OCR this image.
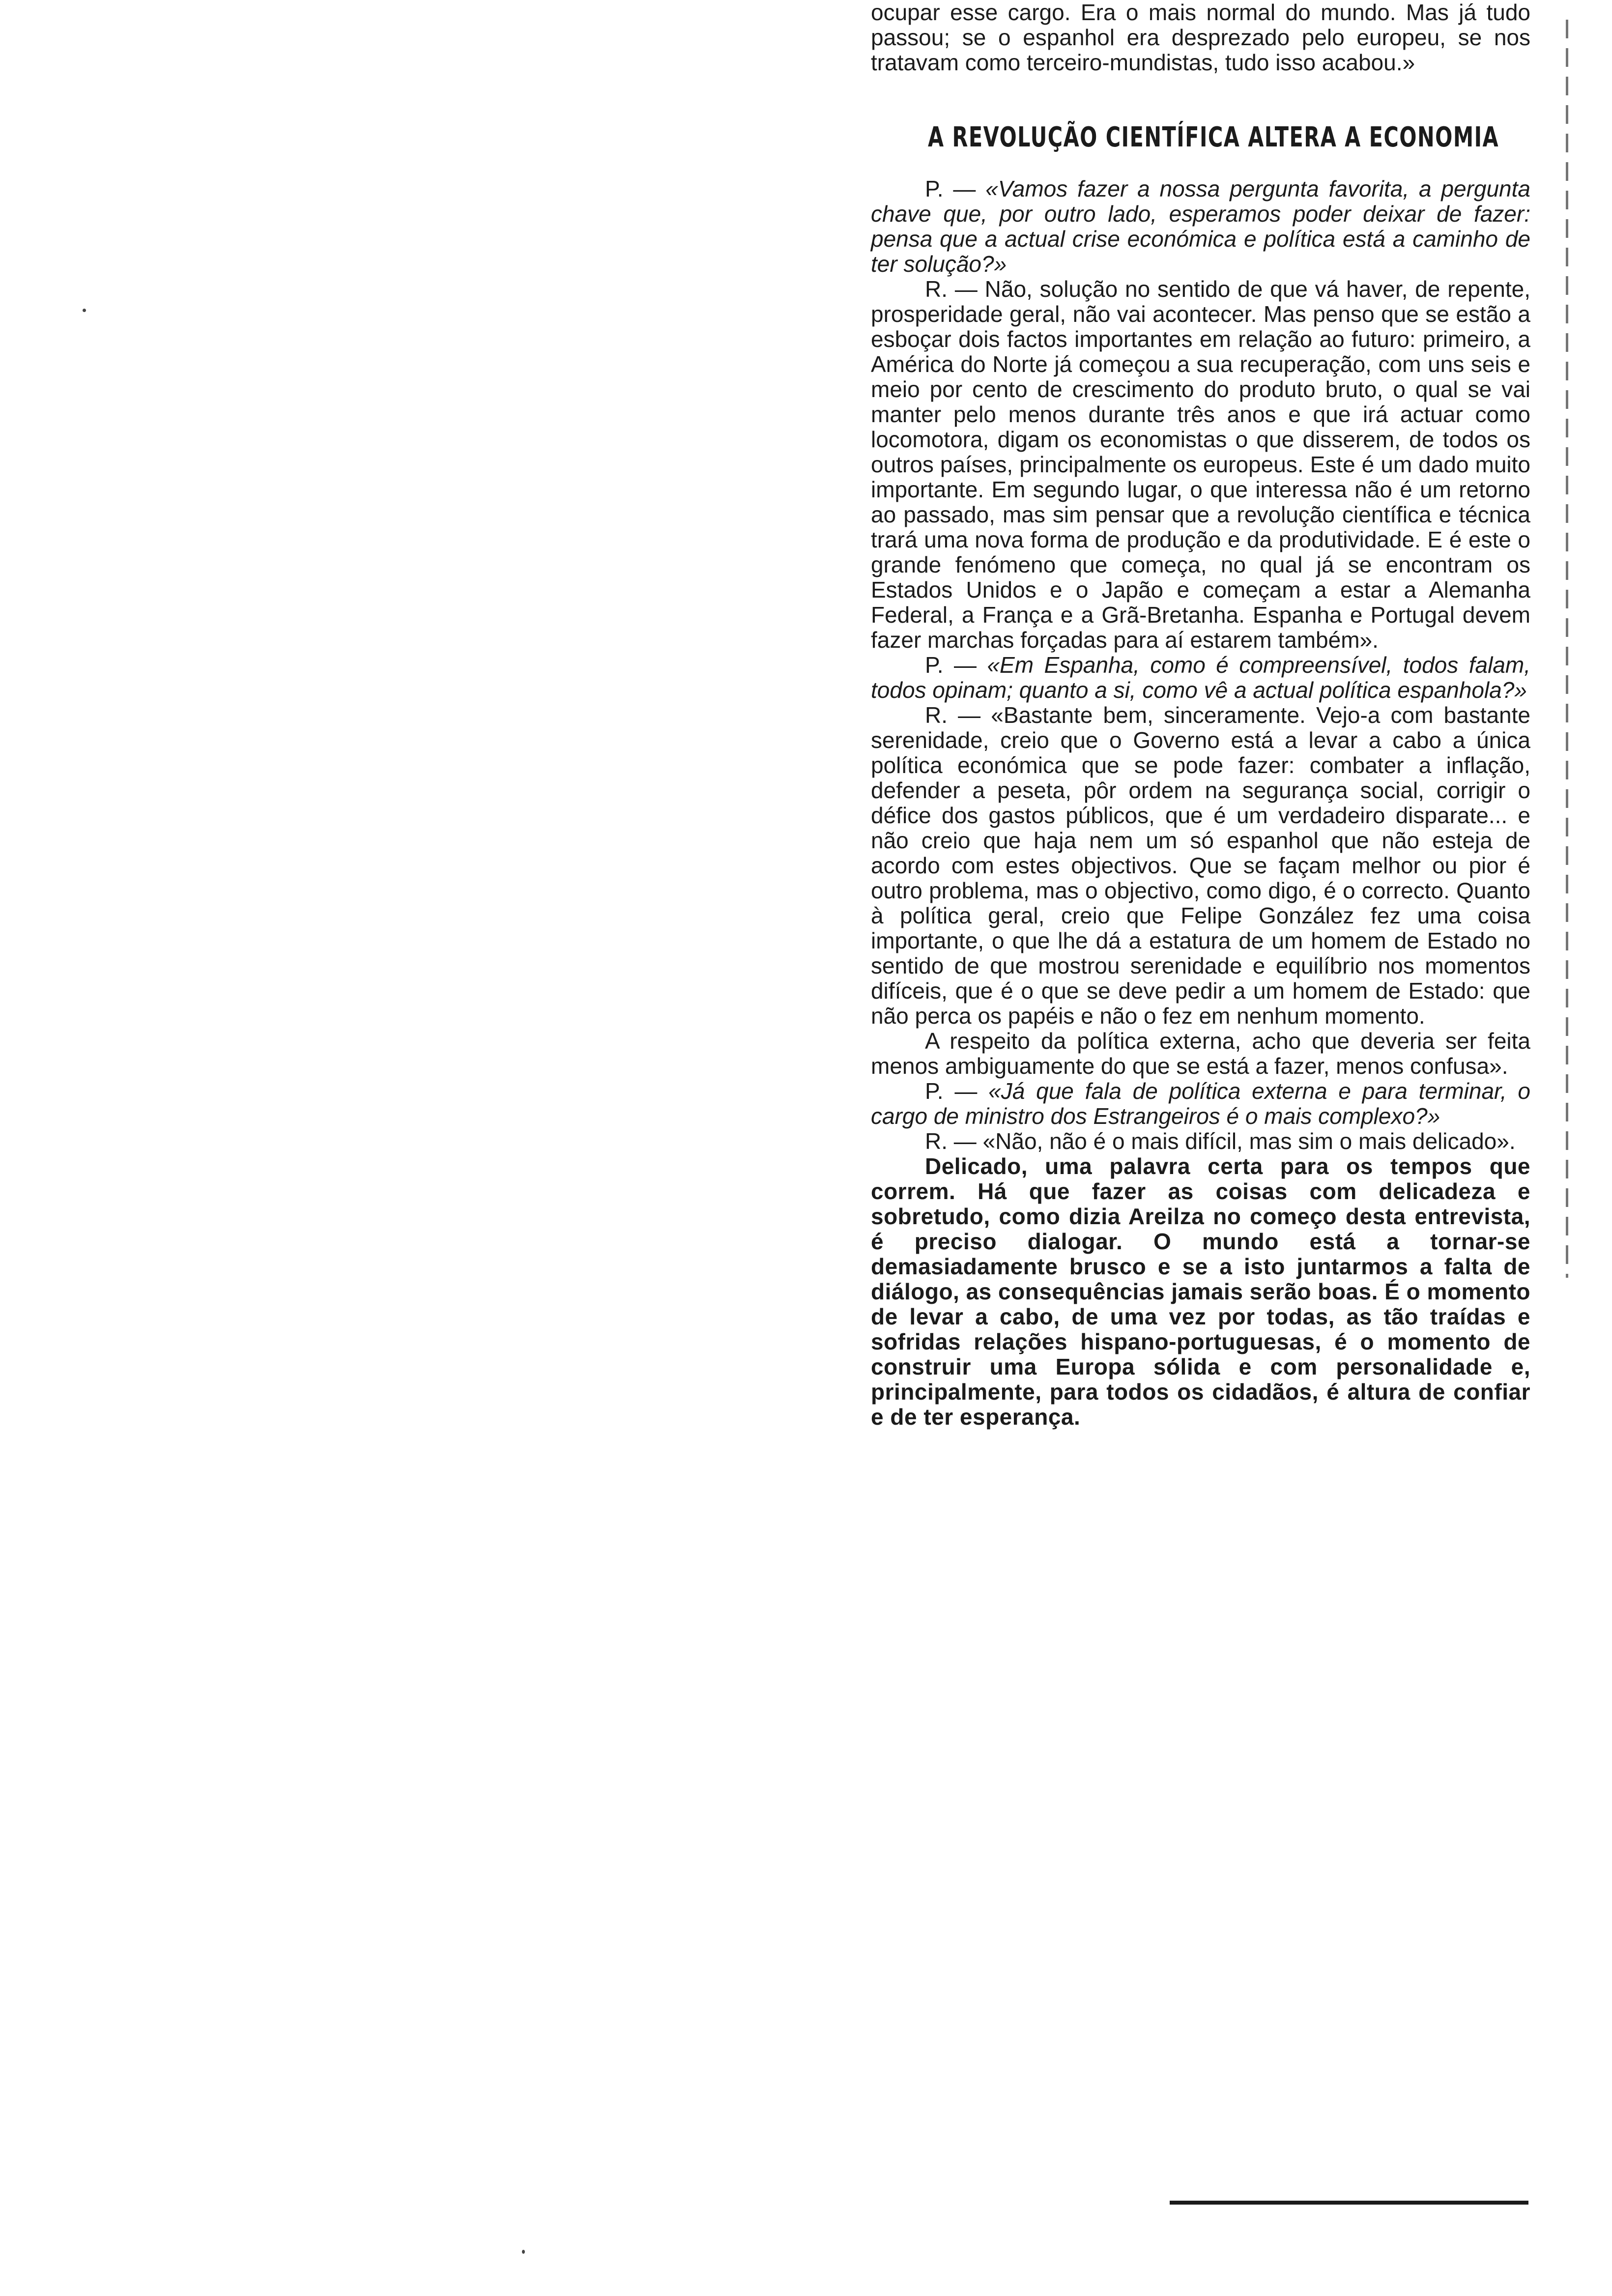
ocupar esse cargo. Era o mais normal do mundo. Mas já tudo passou; se o espanhol era desprezado pelo europeu, se nos tratavam como terceiro-mundistas, tudo isso acabou.»

A REVOLUÇÃO CIENTÍFICA ALTERA A ECONOMIA

P. — «Vamos fazer a nossa pergunta favorita, a pergunta chave que, por outro lado, esperamos poder deixar de fazer: pensa que a actual crise económica e política está a caminho de ter solução?»

R. — Não, solução no sentido de que vá haver, de repente, prosperidade geral, não vai acontecer. Mas penso que se estão a esboçar dois factos importantes em relação ao futuro: primeiro, a América do Norte já começou a sua recuperação, com uns seis e meio por cento de crescimento do produto bruto, o qual se vai manter pelo menos durante três anos e que irá actuar como locomotora, digam os economistas o que disserem, de todos os outros países, principalmente os europeus. Este é um dado muito importante. Em segundo lugar, o que interessa não é um retorno ao passado, mas sim pensar que a revolução científica e técnica trará uma nova forma de produção e da produtividade. E é este o grande fenómeno que começa, no qual já se encontram os Estados Unidos e o Japão e começam a estar a Alemanha Federal, a França e a Grã-Bretanha. Espanha e Portugal devem fazer marchas forçadas para aí estarem também».

P. — «Em Espanha, como é compreensível, todos falam, todos opinam; quanto a si, como vê a actual política espanhola?»

R. — «Bastante bem, sinceramente. Vejo-a com bastante serenidade, creio que o Governo está a levar a cabo a única política económica que se pode fazer: combater a inflação, defender a peseta, pôr ordem na segurança social, corrigir o défice dos gastos públicos, que é um verdadeiro disparate... e não creio que haja nem um só espanhol que não esteja de acordo com estes objectivos. Que se façam melhor ou pior é outro problema, mas o objectivo, como digo, é o correcto. Quanto à política geral, creio que Felipe González fez uma coisa importante, o que lhe dá a estatura de um homem de Estado no sentido de que mostrou serenidade e equilíbrio nos momentos difíceis, que é o que se deve pedir a um homem de Estado: que não perca os papéis e não o fez em nenhum momento.

A respeito da política externa, acho que deveria ser feita menos ambiguamente do que se está a fazer, menos confusa».

P. — «Já que fala de política externa e para terminar, o cargo de ministro dos Estrangeiros é o mais complexo?»

R. — «Não, não é o mais difícil, mas sim o mais delicado».

Delicado, uma palavra certa para os tempos que correm. Há que fazer as coisas com delicadeza e sobretudo, como dizia Areilza no começo desta entrevista, é preciso dialogar. O mundo está a tornar-se demasiadamente brusco e se a isto juntarmos a falta de diálogo, as consequências jamais serão boas. É o momento de levar a cabo, de uma vez por todas, as tão traídas e sofridas relações hispano-portuguesas, é o momento de construir uma Europa sólida e com personalidade e, principalmente, para todos os cidadãos, é altura de confiar e de ter esperança.
